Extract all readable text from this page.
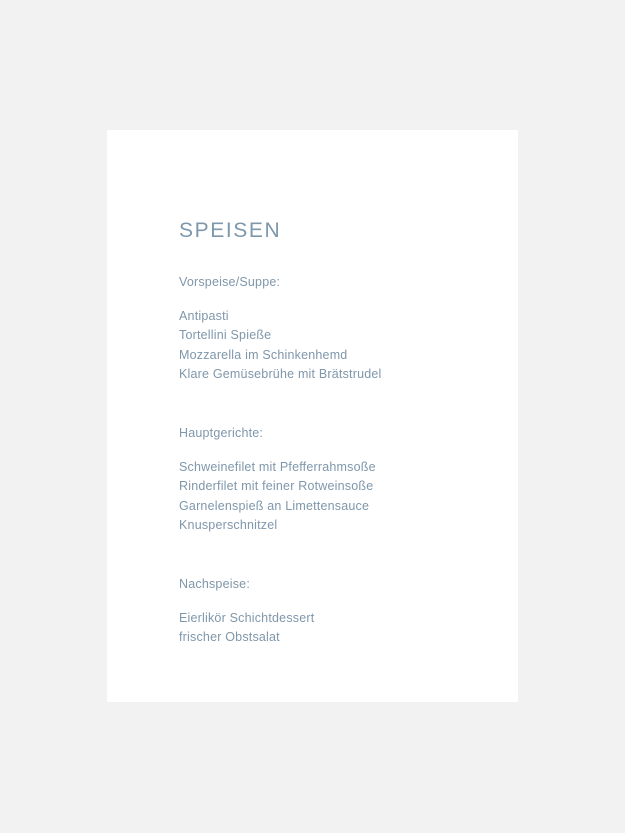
SPEISEN

Vorspeise/Suppe:

Antipasti
Tortellini Spieße
Mozzarella im Schinkenhemd
Klare Gemüsebrühe mit Brätstrudel

Hauptgerichte:

Schweinefilet mit Pfefferrahmsoße
Rinderfilet mit feiner Rotweinsoße
Garnelenspieß an Limettensauce
Knusperschnitzel

Nachspeise:

Eierlikör Schichtdessert
frischer Obstsalat
